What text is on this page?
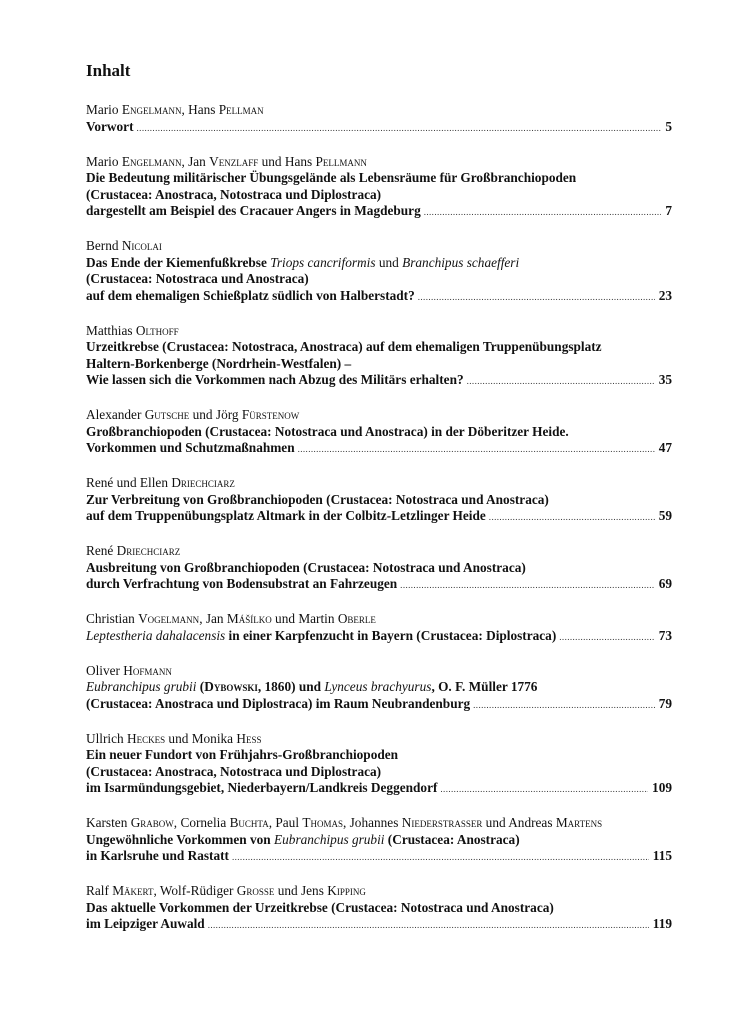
Inhalt
Mario Engelmann, Hans Pellman
Vorwort .....	5
Mario Engelmann, Jan Venzlaff und Hans Pellmann
Die Bedeutung militärischer Übungsgelände als Lebensräume für Großbranchiopoden
(Crustacea: Anostraca, Notostraca und Diplostraca)
dargestellt am Beispiel des Cracauer Angers in Magdeburg .....	7
Bernd Nicolai
Das Ende der Kiemenfußkrebse Triops cancriformis und Branchipus schaefferi
(Crustacea: Notostraca und Anostraca)
auf dem ehemaligen Schießplatz südlich von Halberstadt? .....	23
Matthias Olthoff
Urzeitkrebse (Crustacea: Notostraca, Anostraca) auf dem ehemaligen Truppenübungsplatz
Haltern-Borkenberge (Nordrhein-Westfalen) –
Wie lassen sich die Vorkommen nach Abzug des Militärs erhalten? .....	35
Alexander Gutsche und Jörg Fürstenow
Großbranchiopoden (Crustacea: Notostraca und Anostraca) in der Döberitzer Heide.
Vorkommen und Schutzmaßnahmen .....	47
René und Ellen Driechciarz
Zur Verbreitung von Großbranchiopoden (Crustacea: Notostraca und Anostraca)
auf dem Truppenübungsplatz Altmark in der Colbitz-Letzlinger Heide .....	59
René Driechciarz
Ausbreitung von Großbranchiopoden (Crustacea: Notostraca und Anostraca)
durch Verfrachtung von Bodensubstrat an Fahrzeugen .....	69
Christian Vogelmann, Jan Mášílko und Martin Oberle
Leptestheria dahalacensis in einer Karpfenzucht in Bayern (Crustacea: Diplostraca) .....	73
Oliver Hofmann
Eubranchipus grubii (Dybowski, 1860) und Lynceus brachyurus, O. F. Müller 1776
(Crustacea: Anostraca und Diplostraca) im Raum Neubrandenburg .....	79
Ullrich Heckes und Monika Hess
Ein neuer Fundort von Frühjahrs-Großbranchiopoden
(Crustacea: Anostraca, Notostraca und Diplostraca)
im Isarmündungsgebiet, Niederbayern/Landkreis Deggendorf .....	109
Karsten Grabow, Cornelia Buchta, Paul Thomas, Johannes Niederstrasser und Andreas Martens
Ungewöhnliche Vorkommen von Eubranchipus grubii (Crustacea: Anostraca)
in Karlsruhe und Rastatt .....	115
Ralf Mäkert, Wolf-Rüdiger Grosse und Jens Kipping
Das aktuelle Vorkommen der Urzeitkrebse (Crustacea: Notostraca und Anostraca)
im Leipziger Auwald .....	119
